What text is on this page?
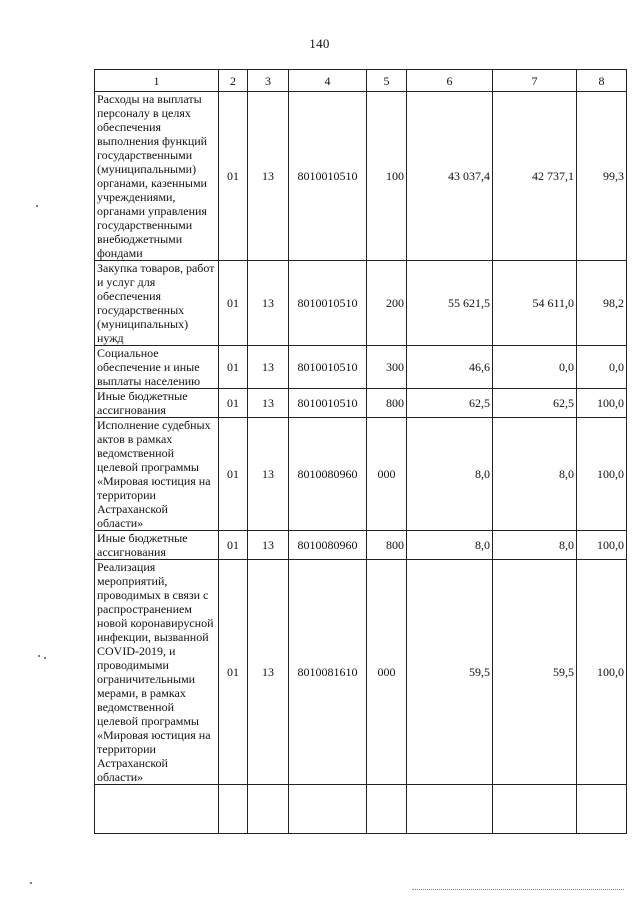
140
1	2	3	4	5	6	7	8
Расходы на выплаты персоналу в целях обеспечения выполнения функций государственными (муниципальными) органами, казенными учреждениями, органами управления государственными внебюджетными фондами	01	13	8010010510	100	43 037,4	42 737,1	99,3
Закупка товаров, работ и услуг для обеспечения государственных (муниципальных) нужд	01	13	8010010510	200	55 621,5	54 611,0	98,2
Социальное обеспечение и иные выплаты населению	01	13	8010010510	300	46,6	0,0	0,0
Иные бюджетные ассигнования	01	13	8010010510	800	62,5	62,5	100,0
Исполнение судебных актов в рамках ведомственной целевой программы «Мировая юстиция на территории Астраханской области»	01	13	8010080960	000	8,0	8,0	100,0
Иные бюджетные ассигнования	01	13	8010080960	800	8,0	8,0	100,0
Реализация мероприятий, проводимых в связи с распространением новой коронавирусной инфекции, вызванной COVID-2019, и проводимыми ограничительными мерами, в рамках ведомственной целевой программы «Мировая юстиция на территории Астраханской области»	01	13	8010081610	000	59,5	59,5	100,0
